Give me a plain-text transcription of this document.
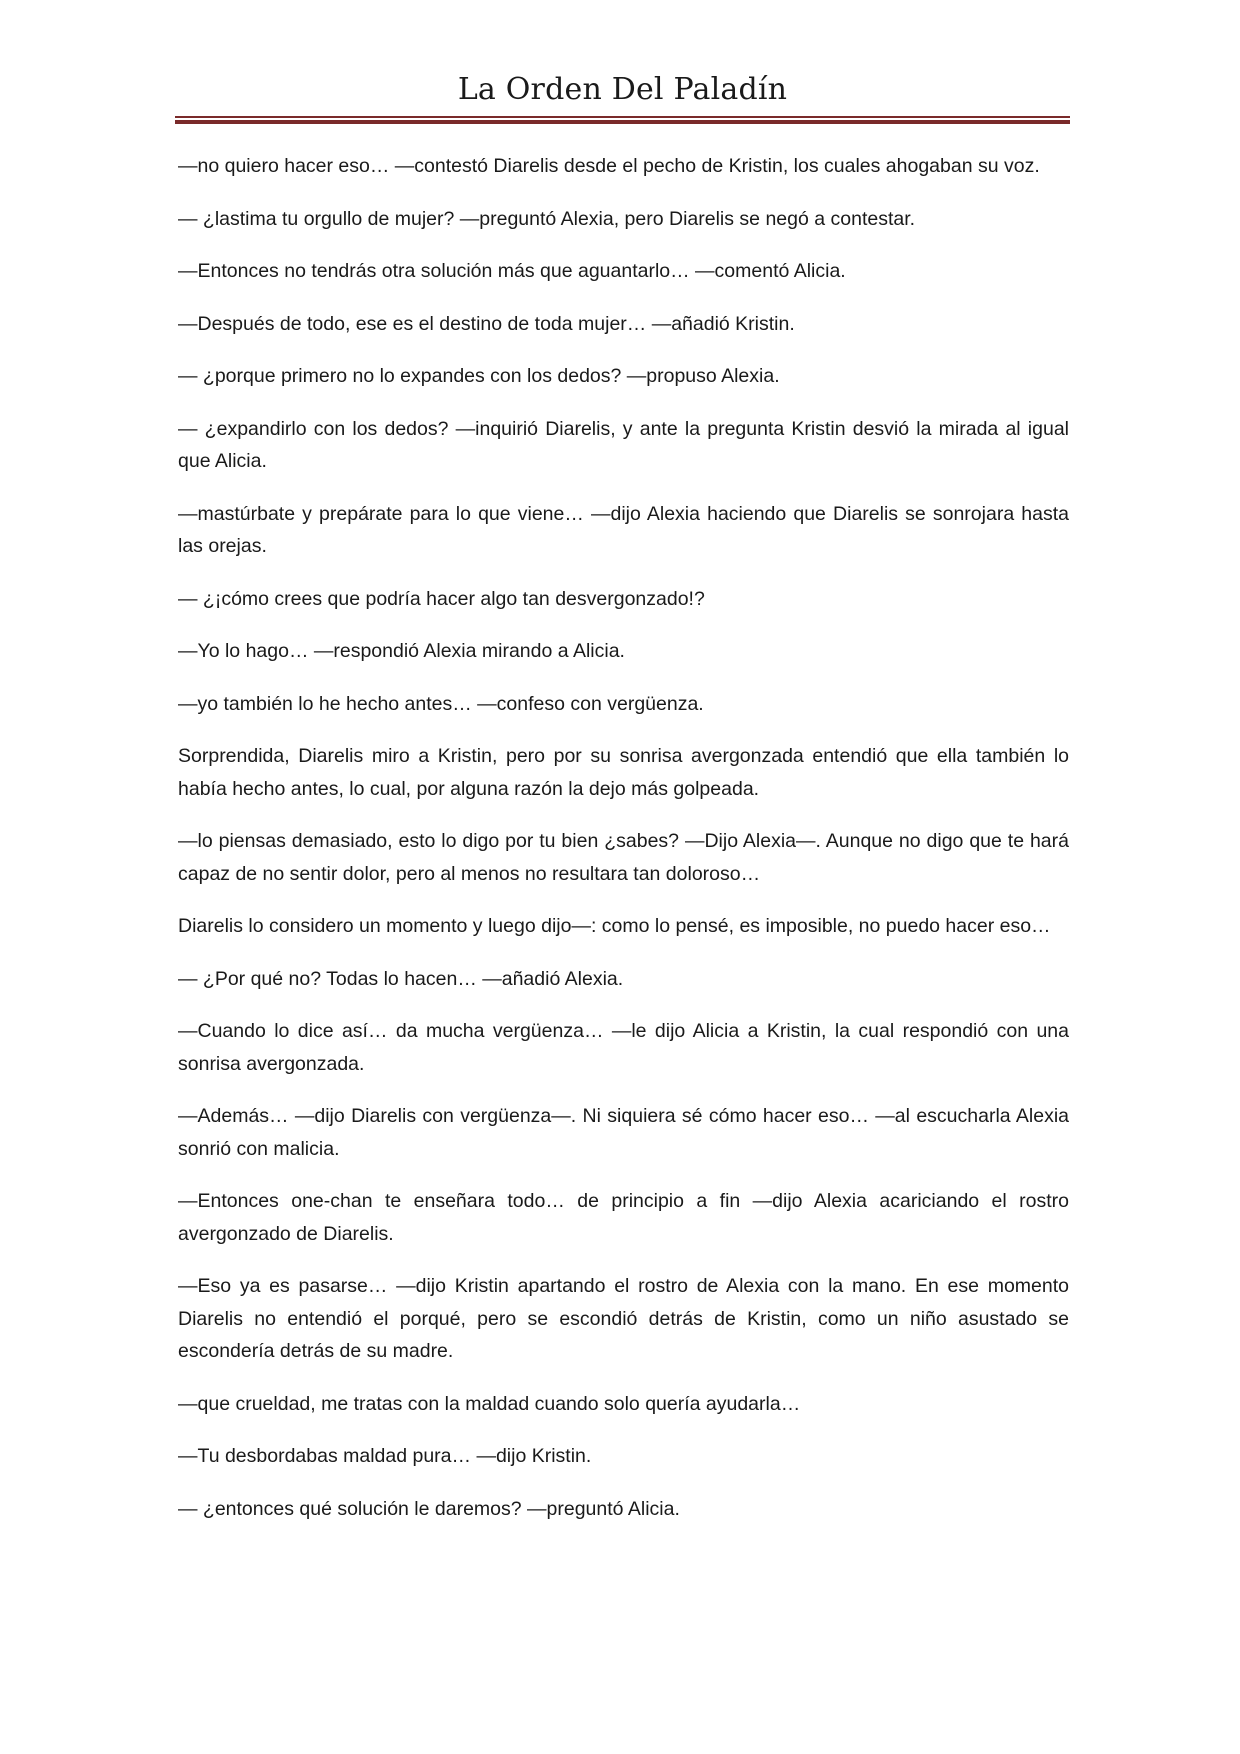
La Orden Del Paladín

—no quiero hacer eso… —contestó Diarelis desde el pecho de Kristin, los cuales ahogaban su voz.

— ¿lastima tu orgullo de mujer? —preguntó Alexia, pero Diarelis se negó a contestar.

—Entonces no tendrás otra solución más que aguantarlo… —comentó Alicia.

—Después de todo, ese es el destino de toda mujer… —añadió Kristin.

— ¿porque primero no lo expandes con los dedos? —propuso Alexia.

— ¿expandirlo con los dedos? —inquirió Diarelis, y ante la pregunta Kristin desvió la mirada al igual que Alicia.

—mastúrbate y prepárate para lo que viene… —dijo Alexia haciendo que Diarelis se sonrojara hasta las orejas.

— ¿¡cómo crees que podría hacer algo tan desvergonzado!?

—Yo lo hago… —respondió Alexia mirando a Alicia.

—yo también lo he hecho antes… —confeso con vergüenza.

Sorprendida, Diarelis miro a Kristin, pero por su sonrisa avergonzada entendió que ella también lo había hecho antes, lo cual, por alguna razón la dejo más golpeada.

—lo piensas demasiado, esto lo digo por tu bien ¿sabes? —Dijo Alexia—. Aunque no digo que te hará capaz de no sentir dolor, pero al menos no resultara tan doloroso…

Diarelis lo considero un momento y luego dijo—: como lo pensé, es imposible, no puedo hacer eso…

— ¿Por qué no? Todas lo hacen… —añadió Alexia.

—Cuando lo dice así… da mucha vergüenza… —le dijo Alicia a Kristin, la cual respondió con una sonrisa avergonzada.

—Además… —dijo Diarelis con vergüenza—. Ni siquiera sé cómo hacer eso… —al escucharla Alexia sonrió con malicia.

—Entonces one-chan te enseñara todo… de principio a fin —dijo Alexia acariciando el rostro avergonzado de Diarelis.

—Eso ya es pasarse… —dijo Kristin apartando el rostro de Alexia con la mano. En ese momento Diarelis no entendió el porqué, pero se escondió detrás de Kristin, como un niño asustado se escondería detrás de su madre.

—que crueldad, me tratas con la maldad cuando solo quería ayudarla…

—Tu desbordabas maldad pura… —dijo Kristin.

— ¿entonces qué solución le daremos? —preguntó Alicia.
